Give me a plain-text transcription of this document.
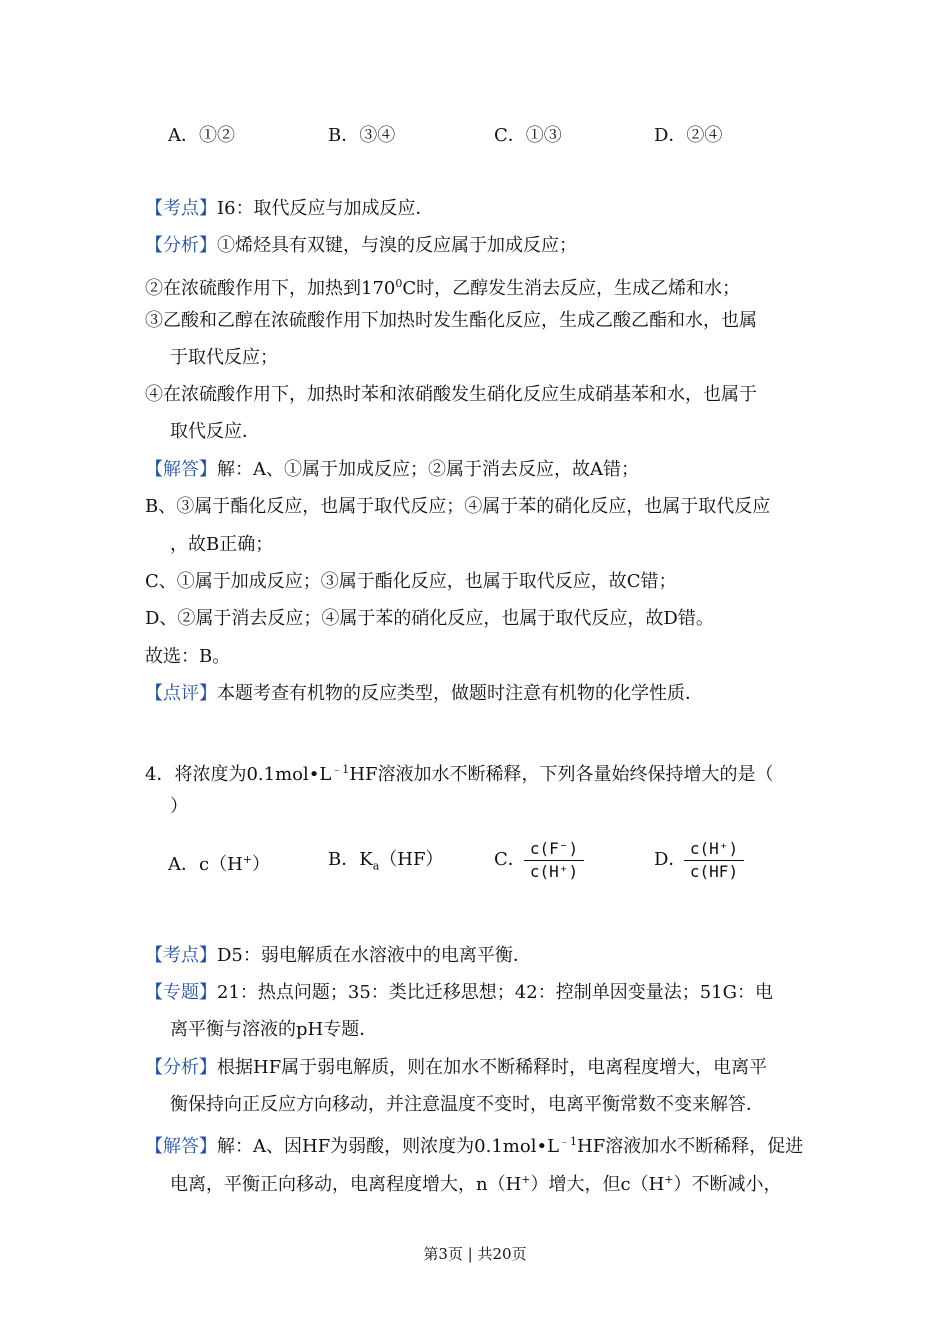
A．①②	B．③④	C．①③	D．②④
【考点】I6：取代反应与加成反应．
【分析】①烯烃具有双键，与溴的反应属于加成反应；
②在浓硫酸作用下，加热到$170^0C$时，乙醇发生消去反应，生成乙烯和水；
③乙酸和乙醇在浓硫酸作用下加热时发生酯化反应，生成乙酸乙酯和水，也属
于取代反应；
④在浓硫酸作用下，加热时苯和浓硝酸发生硝化反应生成硝基苯和水，也属于
取代反应．
【解答】解：A、①属于加成反应；②属于消去反应，故A错；
B、③属于酯化反应，也属于取代反应；④属于苯的硝化反应，也属于取代反应
，故B正确；
C、①属于加成反应；③属于酯化反应，也属于取代反应，故C错；
D、②属于消去反应；④属于苯的硝化反应，也属于取代反应，故D错。
故选：B。
【点评】本题考查有机物的反应类型，做题时注意有机物的化学性质．
4．将浓度为$0.1mol•L^{﹣1}HF$溶液加水不断稀释，下列各量始终保持增大的是（
）
A．c（H+）	B．$K_a(HF)$	C．
c(F⁻)
c(H⁺)
D．
c(H⁺)
c(HF)
【考点】D5：弱电解质在水溶液中的电离平衡．
【专题】21：热点问题；35：类比迁移思想；42：控制单因变量法；51G：电
离平衡与溶液的pH专题．
【分析】根据HF属于弱电解质，则在加水不断稀释时，电离程度增大，电离平
衡保持向正反应方向移动，并注意温度不变时，电离平衡常数不变来解答．
【解答】解：A、因HF为弱酸，则浓度为$0.1mol•L^{﹣1}HF$溶液加水不断稀释，促进
电离，平衡正向移动，电离程度增大，n（H+）增大，但c（H+）不断减小，
第3页 | 共20页
